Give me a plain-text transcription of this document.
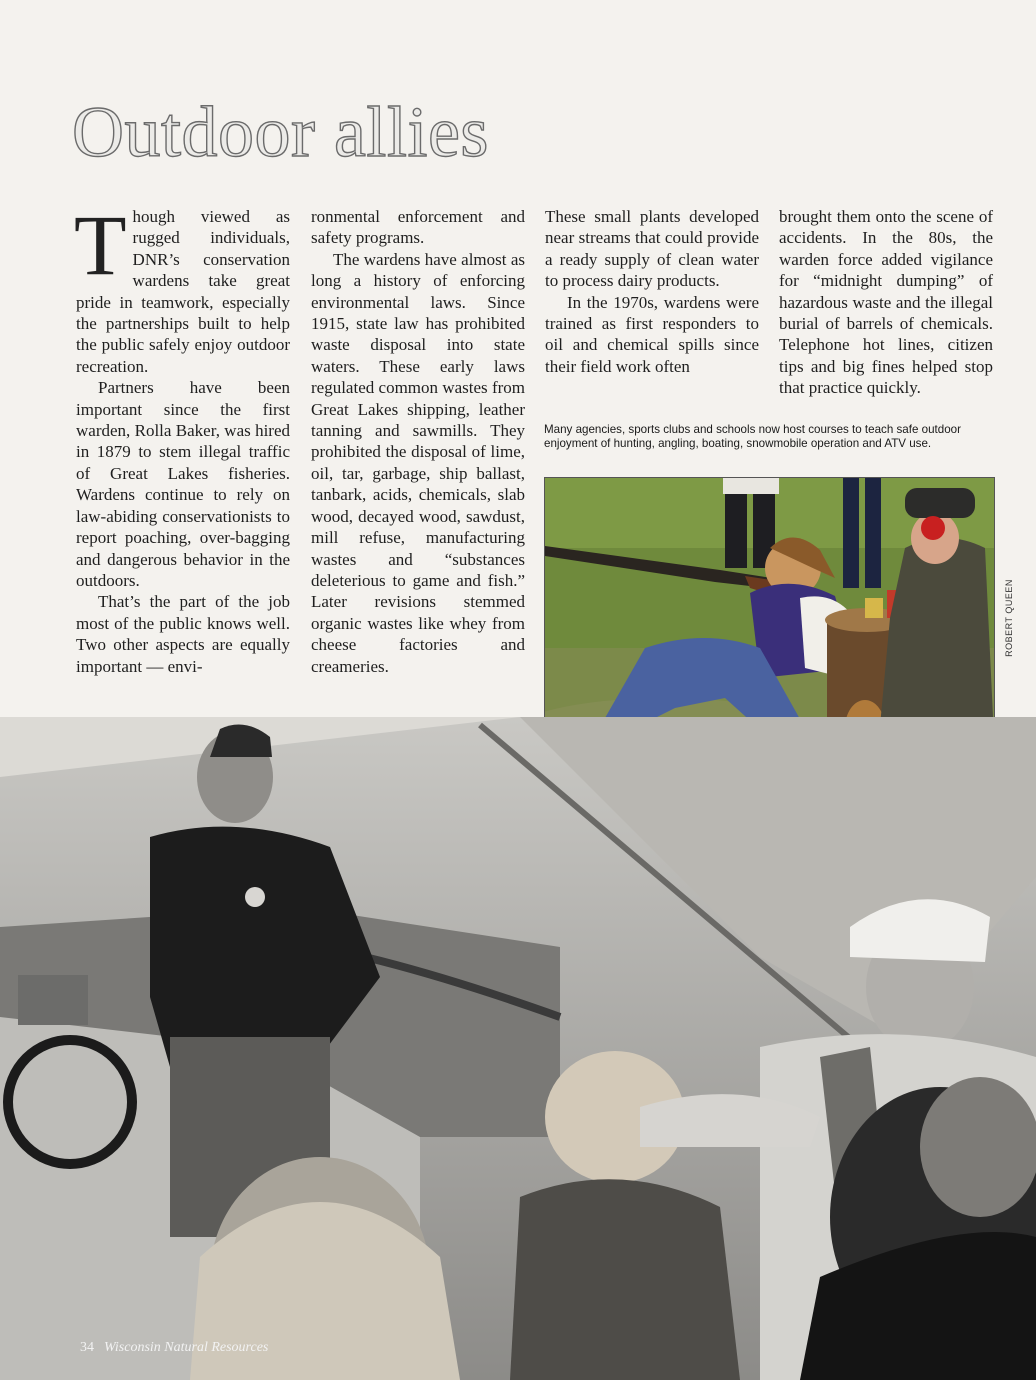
Outdoor allies

Though viewed as rugged individuals, DNR’s conservation wardens take great pride in teamwork, especially the partnerships built to help the public safely enjoy outdoor recreation.

Partners have been important since the first warden, Rolla Baker, was hired in 1879 to stem illegal traffic of Great Lakes fisheries. Wardens continue to rely on law-abiding conservationists to report poaching, over-bagging and dangerous behavior in the outdoors.

That’s the part of the job most of the public knows well. Two other aspects are equally important — envi-

ronmental enforcement and safety programs.

The wardens have almost as long a history of enforcing environmental laws. Since 1915, state law has prohibited waste disposal into state waters. These early laws regulated common wastes from Great Lakes shipping, leather tanning and sawmills. They prohibited the disposal of lime, oil, tar, garbage, ship ballast, tanbark, acids, chemicals, slab wood, decayed wood, sawdust, mill refuse, manufacturing wastes and “substances deleterious to game and fish.” Later revisions stemmed organic wastes like whey from cheese factories and creameries.

These small plants developed near streams that could provide a ready supply of clean water to process dairy products.

In the 1970s, wardens were trained as first responders to oil and chemical spills since their field work often

brought them onto the scene of accidents. In the 80s, the warden force added vigilance for “midnight dumping” of hazardous waste and the illegal burial of barrels of chemicals. Telephone hot lines, citizen tips and big fines helped stop that practice quickly.

Many agencies, sports clubs and schools now host courses to teach safe outdoor enjoyment of hunting, angling, boating, snowmobile operation and ATV use.

ROBERT QUEEN
34 Wisconsin Natural Resources
